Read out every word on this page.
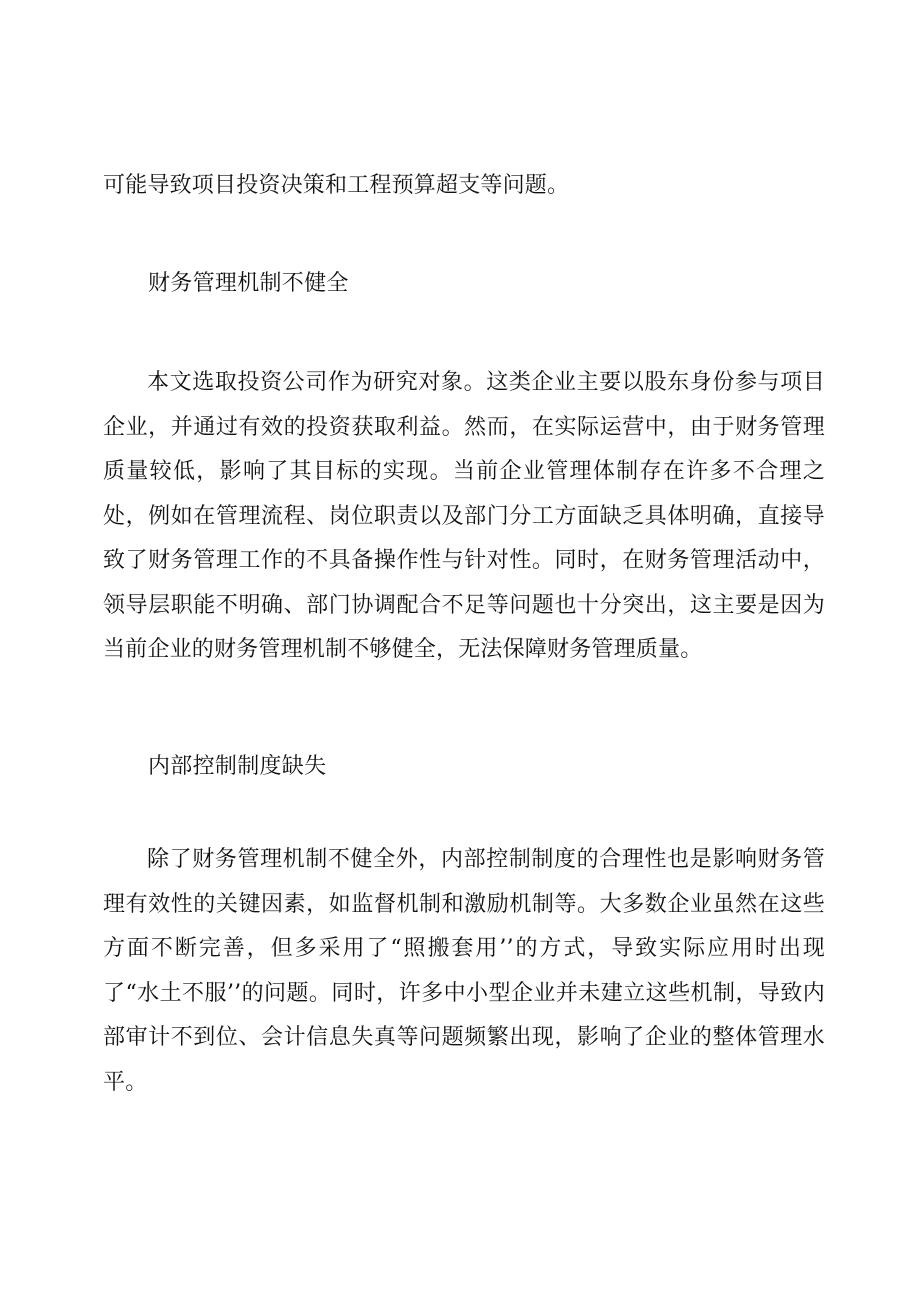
可能导致项目投资决策和工程预算超支等问题。
财务管理机制不健全
本文选取投资公司作为研究对象。这类企业主要以股东身份参与项目企业，并通过有效的投资获取利益。然而，在实际运营中，由于财务管理质量较低，影响了其目标的实现。当前企业管理体制存在许多不合理之处，例如在管理流程、岗位职责以及部门分工方面缺乏具体明确，直接导致了财务管理工作的不具备操作性与针对性。同时，在财务管理活动中，领导层职能不明确、部门协调配合不足等问题也十分突出，这主要是因为当前企业的财务管理机制不够健全，无法保障财务管理质量。
内部控制制度缺失
除了财务管理机制不健全外，内部控制制度的合理性也是影响财务管理有效性的关键因素，如监督机制和激励机制等。大多数企业虽然在这些方面不断完善，但多采用了“照搬套用’’的方式，导致实际应用时出现了“水土不服’’的问题。同时，许多中小型企业并未建立这些机制，导致内部审计不到位、会计信息失真等问题频繁出现，影响了企业的整体管理水平。
